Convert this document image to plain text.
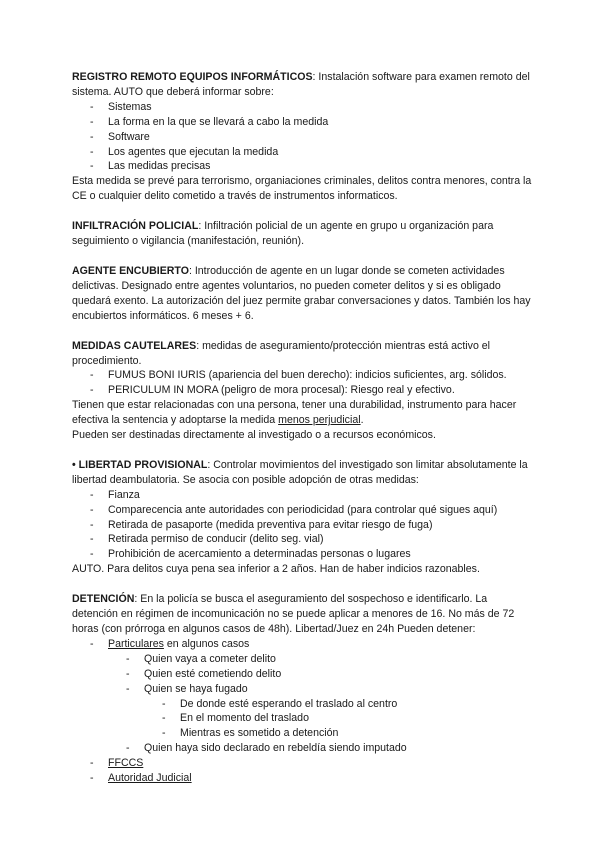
REGISTRO REMOTO EQUIPOS INFORMÁTICOS: Instalación software para examen remoto del sistema. AUTO que deberá informar sobre:

- Sistemas
- La forma en la que se llevará a cabo la medida
- Software
- Los agentes que ejecutan la medida
- Las medidas precisas

Esta medida se prevé para terrorismo, organiaciones criminales, delitos contra menores, contra la CE o cualquier delito cometido a través de instrumentos informaticos.

INFILTRACIÓN POLICIAL: Infiltración policial de un agente en grupo u organización para seguimiento o vigilancia (manifestación, reunión).

AGENTE ENCUBIERTO: Introducción de agente en un lugar donde se cometen actividades delictivas. Designado entre agentes voluntarios, no pueden cometer delitos y si es obligado quedará exento. La autorización del juez permite grabar conversaciones y datos. También los hay encubiertos informáticos. 6 meses + 6.

MEDIDAS CAUTELARES: medidas de aseguramiento/protección mientras está activo el procedimiento.

- FUMUS BONI IURIS (apariencia del buen derecho): indicios suficientes, arg. sólidos.
- PERICULUM IN MORA (peligro de mora procesal): Riesgo real y efectivo.

Tienen que estar relacionadas con una persona, tener una durabilidad, instrumento para hacer efectiva la sentencia y adoptarse la medida menos perjudicial.

Pueden ser destinadas directamente al investigado o a recursos económicos.

• LIBERTAD PROVISIONAL: Controlar movimientos del investigado son limitar absolutamente la libertad deambulatoria. Se asocia con posible adopción de otras medidas:

- Fianza
- Comparecencia ante autoridades con periodicidad (para controlar qué sigues aquí)
- Retirada de pasaporte (medida preventiva para evitar riesgo de fuga)
- Retirada permiso de conducir (delito seg. vial)
- Prohibición de acercamiento a determinadas personas o lugares

AUTO. Para delitos cuya pena sea inferior a 2 años. Han de haber indicios razonables.

DETENCIÓN: En la policía se busca el aseguramiento del sospechoso e identificarlo. La detención en régimen de incomunicación no se puede aplicar a menores de 16. No más de 72 horas (con prórroga en algunos casos de 48h). Libertad/Juez en 24h Pueden detener:

- Particulares en algunos casos
- Quien vaya a cometer delito
- Quien esté cometiendo delito
- Quien se haya fugado
- De donde esté esperando el traslado al centro
- En el momento del traslado
- Mientras es sometido a detención
- Quien haya sido declarado en rebeldía siendo imputado
- FFCCS
- Autoridad Judicial
